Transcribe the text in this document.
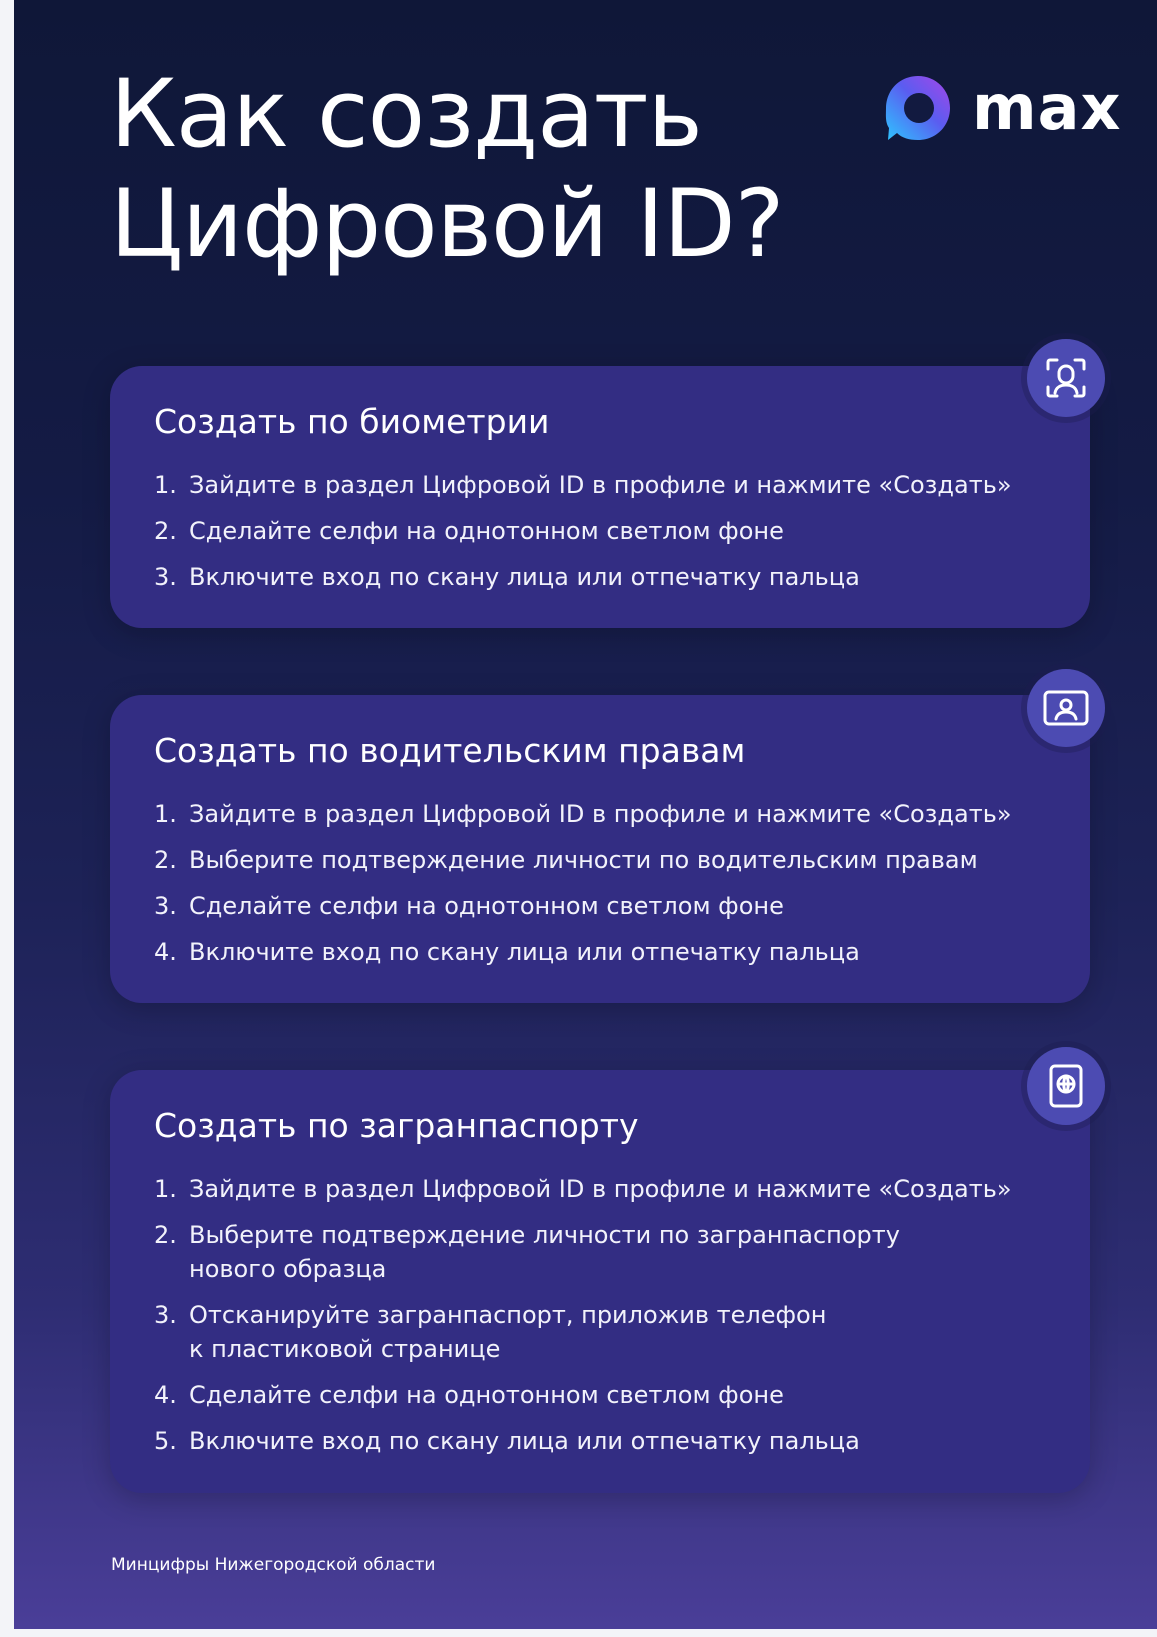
Как создать
Цифровой ID?
max
Создать по биометрии
1. Зайдите в раздел Цифровой ID в профиле и нажмите «Создать»
2. Сделайте селфи на однотонном светлом фоне
3. Включите вход по скану лица или отпечатку пальца
Создать по водительским правам
1. Зайдите в раздел Цифровой ID в профиле и нажмите «Создать»
2. Выберите подтверждение личности по водительским правам
3. Сделайте селфи на однотонном светлом фоне
4. Включите вход по скану лица или отпечатку пальца
Создать по загранпаспорту
1. Зайдите в раздел Цифровой ID в профиле и нажмите «Создать»
2. Выберите подтверждение личности по загранпаспорту
нового образца
3. Отсканируйте загранпаспорт, приложив телефон
к пластиковой странице
4. Сделайте селфи на однотонном светлом фоне
5. Включите вход по скану лица или отпечатку пальца
Минцифры Нижегородской области
